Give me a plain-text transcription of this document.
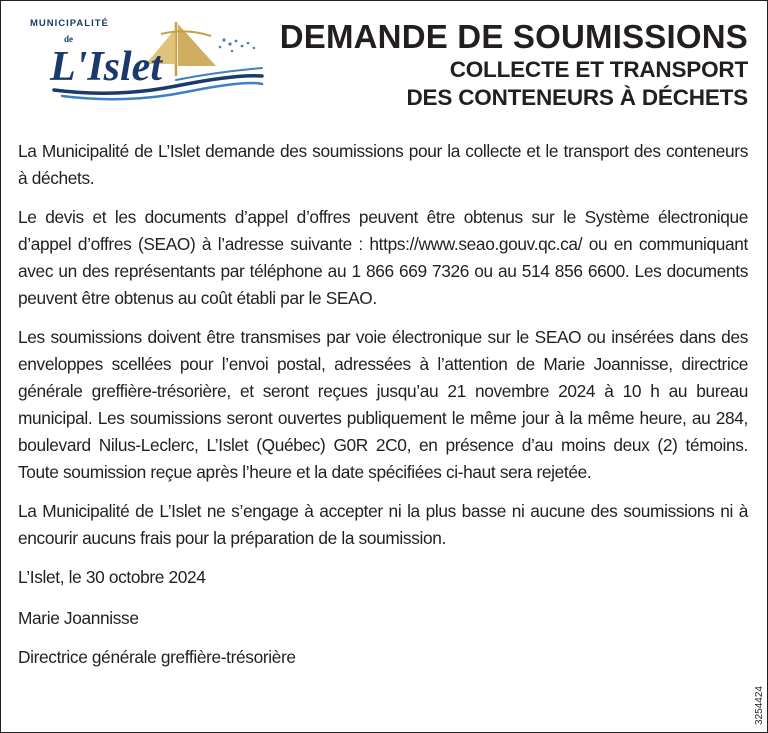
MUNICIPALITÉ
de
L'Islet
DEMANDE DE SOUMISSIONS
COLLECTE ET TRANSPORT
DES CONTENEURS À DÉCHETS

La Municipalité de L’Islet demande des soumissions pour la collecte et le transport des conteneurs à déchets.

Le devis et les documents d’appel d’offres peuvent être obtenus sur le Système électronique d’appel d’offres (SEAO) à l’adresse suivante : https://www.seao.gouv.qc.ca/ ou en communiquant avec un des représentants par téléphone au 1 866 669 7326 ou au 514 856 6600. Les documents peuvent être obtenus au coût établi par le SEAO.

Les soumissions doivent être transmises par voie électronique sur le SEAO ou insérées dans des enveloppes scellées pour l’envoi postal, adressées à l’attention de Marie Joannisse, directrice générale greffière-trésorière, et seront reçues jusqu’au 21 novembre 2024 à 10 h au bureau municipal. Les soumissions seront ouvertes publiquement le même jour à la même heure, au 284, boulevard Nilus-Leclerc, L’Islet (Québec) G0R 2C0, en présence d’au moins deux (2) témoins. Toute soumission reçue après l’heure et la date spécifiées ci-haut sera rejetée.

La Municipalité de L’Islet ne s’engage à accepter ni la plus basse ni aucune des soumissions ni à encourir aucuns frais pour la préparation de la soumission.

L’Islet, le 30 octobre 2024

Marie Joannisse

Directrice générale greffière-trésorière

3254424
